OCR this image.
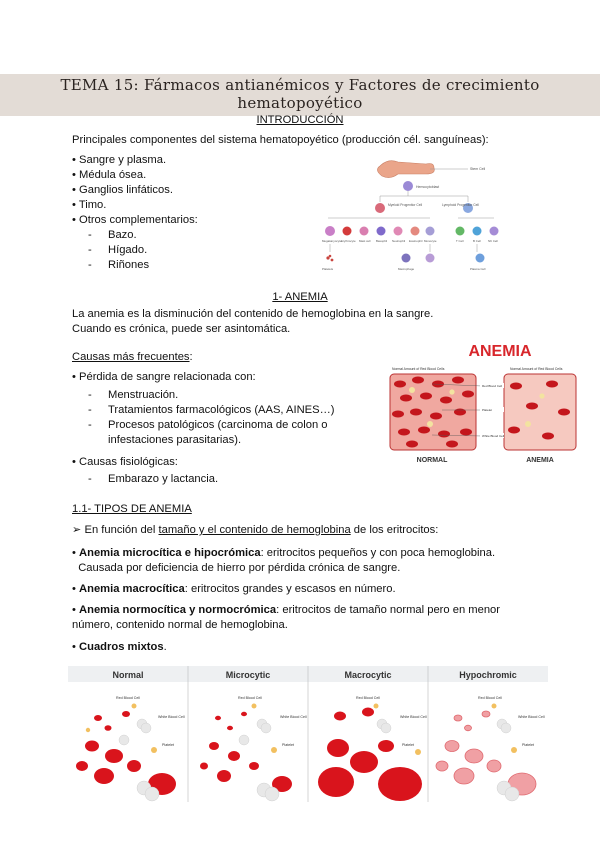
TEMA 15: Fármacos antianémicos y Factores de crecimiento hematopoyético
INTRODUCCIÓN
Principales componentes del sistema hematopoyético (producción cél. sanguíneas):
• Sangre y plasma.
• Médula ósea.
• Ganglios linfáticos.
• Timo.
• Otros complementarios:
- Bazo.
- Hígado.
- Riñones
Stem Cell
Hemocytoblast
Myeloid Progenitor Cell	Lymphoid Progenitor Cell
Megakaryocyte Erythrocyte Mast cell Basophil Neutrophil Eosinophil Monocyte	T Cell	B Cell	NK Cell
Platelets	Macrophage	Plasma Cell
1- ANEMIA
La anemia es la disminución del contenido de hemoglobina en la sangre.
Cuando es crónica, puede ser asintomática.
Causas más frecuentes:
• Pérdida de sangre relacionada con:
- Menstruación.
- Tratamientos farmacológicos (AAS, AINES…)
- Procesos patológicos (carcinoma de colon o infestaciones parasitarias).
• Causas fisiológicas:
- Embarazo y lactancia.
ANEMIA
Normal Amount of Red Blood Cells	Normal Amount of Red Blood Cells
Red Blood Cell
Platelet
White Blood Cell
NORMAL	ANEMIA
1.1- TIPOS DE ANEMIA
➢ En función del tamaño y el contenido de hemoglobina de los eritrocitos:
• Anemia microcítica e hipocrómica: eritrocitos pequeños y con poca hemoglobina.
Causada por deficiencia de hierro por pérdida crónica de sangre.
• Anemia macrocítica: eritrocitos grandes y escasos en número.
• Anemia normocítica y normocrómica: eritrocitos de tamaño normal pero en menor
número, contenido normal de hemoglobina.
• Cuadros mixtos.
Normal	Microcytic	Macrocytic	Hypochromic
Red Blood Cell
White Blood Cell
Platelet
Red Blood Cell
White Blood Cell
Platelet
Red Blood Cell
White Blood Cell
Platelet
Red Blood Cell
White Blood Cell
Platelet
